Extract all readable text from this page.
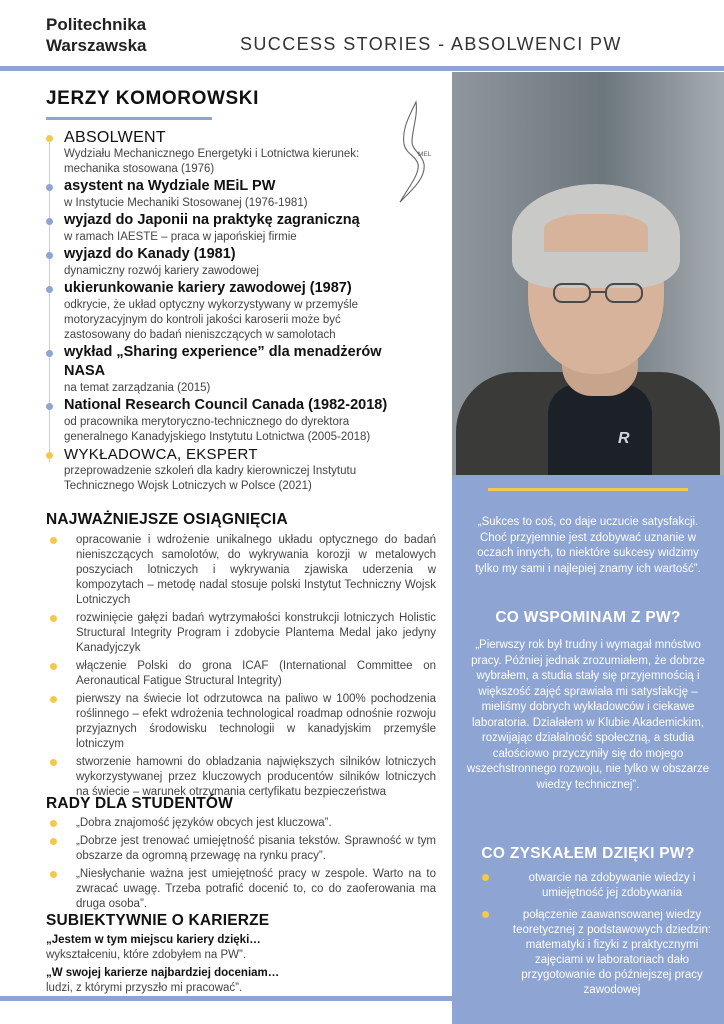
Politechnika
Warszawska	SUCCESS STORIES - ABSOLWENCI PW
JERZY KOMOROWSKI
MEL
ABSOLWENT
Wydziału Mechanicznego Energetyki i Lotnictwa kierunek: mechanika stosowana (1976)
asystent na Wydziale MEiL PW
w Instytucie Mechaniki Stosowanej (1976-1981)
wyjazd do Japonii na praktykę zagraniczną
w ramach IAESTE – praca w japońskiej firmie
wyjazd do Kanady (1981)
dynamiczny rozwój kariery zawodowej
ukierunkowanie kariery zawodowej (1987)
odkrycie, że układ optyczny wykorzystywany w przemyśle motoryzacyjnym do kontroli jakości karoserii może być zastosowany do badań nieniszczących w samolotach
wykład „Sharing experience” dla menadżerów NASA
na temat zarządzania (2015)
National Research Council Canada (1982-2018)
od pracownika merytoryczno-technicznego do dyrektora generalnego Kanadyjskiego Instytutu Lotnictwa (2005-2018)
WYKŁADOWCA, EKSPERT
przeprowadzenie szkoleń dla kadry kierowniczej Instytutu Technicznego Wojsk Lotniczych w Polsce (2021)
R
„Sukces to coś, co daje uczucie satysfakcji. Choć przyjemnie jest zdobywać uznanie w oczach innych, to niektóre sukcesy widzimy tylko my sami i najlepiej znamy ich wartość”.
CO WSPOMINAM Z PW?
„Pierwszy rok był trudny i wymagał mnóstwo pracy. Później jednak zrozumiałem, że dobrze wybrałem, a studia stały się przyjemnością i większość zajęć sprawiała mi satysfakcję – mieliśmy dobrych wykładowców i ciekawe laboratoria. Działałem w Klubie Akademickim, rozwijając działalność społeczną, a studia całościowo przyczyniły się do mojego wszechstronnego rozwoju, nie tylko w obszarze wiedzy technicznej”.
CO ZYSKAŁEM DZIĘKI PW?
otwarcie na zdobywanie wiedzy i umiejętność jej zdobywania
połączenie zaawansowanej wiedzy teoretycznej z podstawowych dziedzin: matematyki i fizyki z praktycznymi zajęciami w laboratoriach dało przygotowanie do późniejszej pracy zawodowej
NAJWAŻNIEJSZE OSIĄGNIĘCIA
opracowanie i wdrożenie unikalnego układu optycznego do badań nieniszczących samolotów, do wykrywania korozji w metalowych poszyciach lotniczych i wykrywania zjawiska uderzenia w kompozytach – metodę nadal stosuje polski Instytut Techniczny Wojsk Lotniczych
rozwinięcie gałęzi badań wytrzymałości konstrukcji lotniczych Holistic Structural Integrity Program i zdobycie Plantema Medal jako jedyny Kanadyjczyk
włączenie Polski do grona ICAF (International Committee on Aeronautical Fatigue Structural Integrity)
pierwszy na świecie lot odrzutowca na paliwo w 100% pochodzenia roślinnego – efekt wdrożenia technological roadmap odnośnie rozwoju przyjaznych środowisku technologii w kanadyjskim przemyśle lotniczym
stworzenie hamowni do obladzania największych silników lotniczych wykorzystywanej przez kluczowych producentów silników lotniczych na świecie – warunek otrzymania certyfikatu bezpieczeństwa
RADY DLA STUDENTÓW
„Dobra znajomość języków obcych jest kluczowa”.
„Dobrze jest trenować umiejętność pisania tekstów. Sprawność w tym obszarze da ogromną przewagę na rynku pracy”.
„Niesłychanie ważna jest umiejętność pracy w zespole. Warto na to zwracać uwagę. Trzeba potrafić docenić to, co do zaoferowania ma druga osoba”.
SUBIEKTYWNIE O KARIERZE
„Jestem w tym miejscu kariery dzięki…
wykształceniu, które zdobyłem na PW”.
„W swojej karierze najbardziej doceniam…
ludzi, z którymi przyszło mi pracować”.
